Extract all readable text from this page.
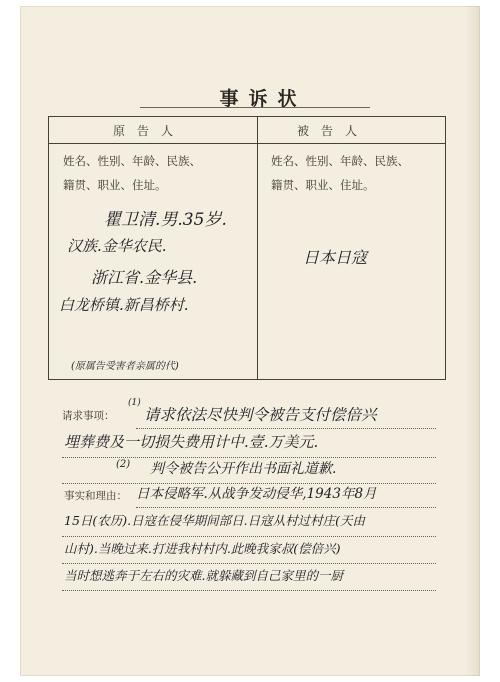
事诉状
原告人	被告人
姓名、性别、年龄、民族、
籍贯、职业、住址。
姓名、性别、年龄、民族、
籍贯、职业、住址。
瞿卫清.男.35岁.
汉族.金华农民.
浙江省.金华县.
白龙桥镇.新昌桥村.
(原属告受害者亲属的代)
日本日寇
请求事项：
(1)
请求依法尽快判令被告支付偿倍兴
埋葬费及一切损失费用计中.壹.万美元.
(2) 判令被告公开作出书面礼道歉.
事实和理由： 日本侵略军.从战争发动侵华,1943年8月
15日(农历).日寇在侵华期间部日.日寇从村过村庄(天由
山村).当晚过来.打进我村村内.此晚我家叔(偿倍兴)
当时想逃奔于左右的灾难.就躲藏到自己家里的一厨
